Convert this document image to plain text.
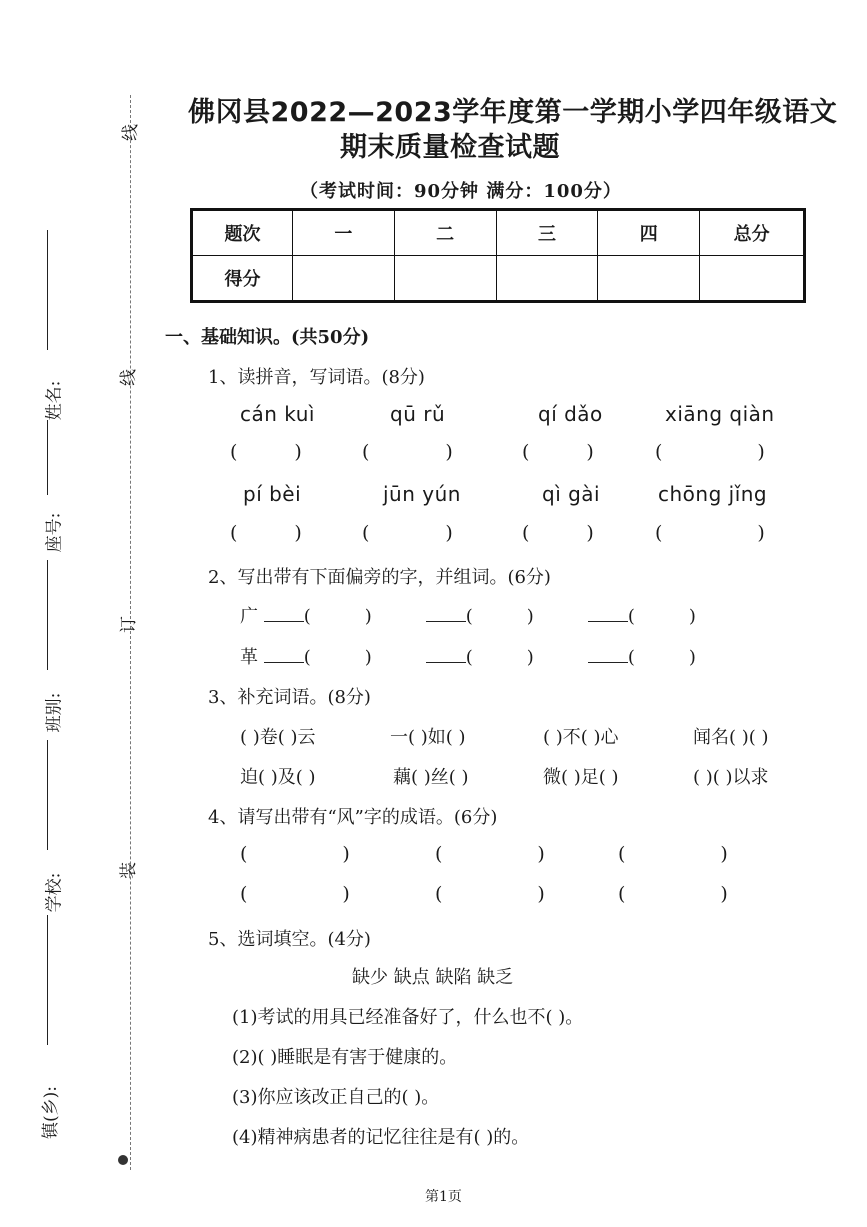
线
线
订
装
姓名:
座号:
班别:
学校:
镇(乡):
佛冈县2022—2023学年度第一学期小学四年级语文
期末质量检查试题
（考试时间：90分钟 满分：100分）
题次	一	二	三	四	总分
得分					
一、基础知识。(共50分)
1、读拼音，写词语。(8分)
cán kuì	qū rǔ	qí dǎo	xiāng qiàn
(   )	(    )	(   )	(     )
pí bèi	jūn yún	qì gài	chōng jǐng
(   )	(    )	(   )	(     )
2、写出带有下面偏旁的字，并组词。(6分)
广	(   )   (   )   (   )
革	(   )   (   )   (   )
3、补充词语。(8分)
( )卷( )云	一( )如( )	( )不( )心	闻名( )( )
迫( )及( )	藕( )丝( )	微( )足( )	( )( )以求
4、请写出带有“风”字的成语。(6分)
(     )	(     )	(     )
(     )	(     )	(     )
5、选词填空。(4分)
缺少 缺点 缺陷 缺乏
(1)考试的用具已经准备好了，什么也不( )。
(2)( )睡眠是有害于健康的。
(3)你应该改正自己的( )。
(4)精神病患者的记忆往往是有( )的。
第1页
